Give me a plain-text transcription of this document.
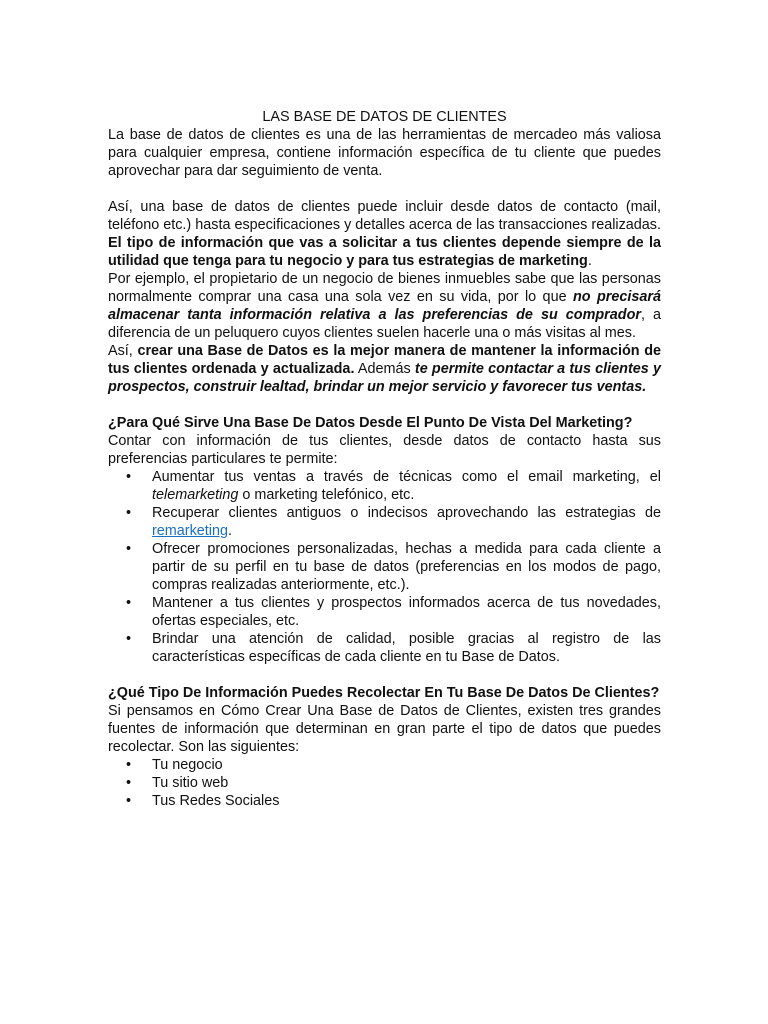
LAS BASE DE DATOS DE CLIENTES

La base de datos de clientes es una de las herramientas de mercadeo más valiosa para cualquier empresa, contiene información específica de tu cliente que puedes aprovechar para dar seguimiento de venta.

Así, una base de datos de clientes puede incluir desde datos de contacto (mail, teléfono etc.) hasta especificaciones y detalles acerca de las transacciones realizadas. El tipo de información que vas a solicitar a tus clientes depende siempre de la utilidad que tenga para tu negocio y para tus estrategias de marketing.

Por ejemplo, el propietario de un negocio de bienes inmuebles sabe que las personas normalmente comprar una casa una sola vez en su vida, por lo que no precisará almacenar tanta información relativa a las preferencias de su comprador, a diferencia de un peluquero cuyos clientes suelen hacerle una o más visitas al mes.

Así, crear una Base de Datos es la mejor manera de mantener la información de tus clientes ordenada y actualizada. Además te permite contactar a tus clientes y prospectos, construir lealtad, brindar un mejor servicio y favorecer tus ventas.

¿Para Qué Sirve Una Base De Datos Desde El Punto De Vista Del Marketing?

Contar con información de tus clientes, desde datos de contacto hasta sus preferencias particulares te permite:

• Aumentar tus ventas a través de técnicas como el email marketing, el telemarketing o marketing telefónico, etc.
• Recuperar clientes antiguos o indecisos aprovechando las estrategias de remarketing.
• Ofrecer promociones personalizadas, hechas a medida para cada cliente a partir de su perfil en tu base de datos (preferencias en los modos de pago, compras realizadas anteriormente, etc.).
• Mantener a tus clientes y prospectos informados acerca de tus novedades, ofertas especiales, etc.
• Brindar una atención de calidad, posible gracias al registro de las características específicas de cada cliente en tu Base de Datos.

¿Qué Tipo De Información Puedes Recolectar En Tu Base De Datos De Clientes?

Si pensamos en Cómo Crear Una Base de Datos de Clientes, existen tres grandes fuentes de información que determinan en gran parte el tipo de datos que puedes recolectar. Son las siguientes:

• Tu negocio
• Tu sitio web
• Tus Redes Sociales
